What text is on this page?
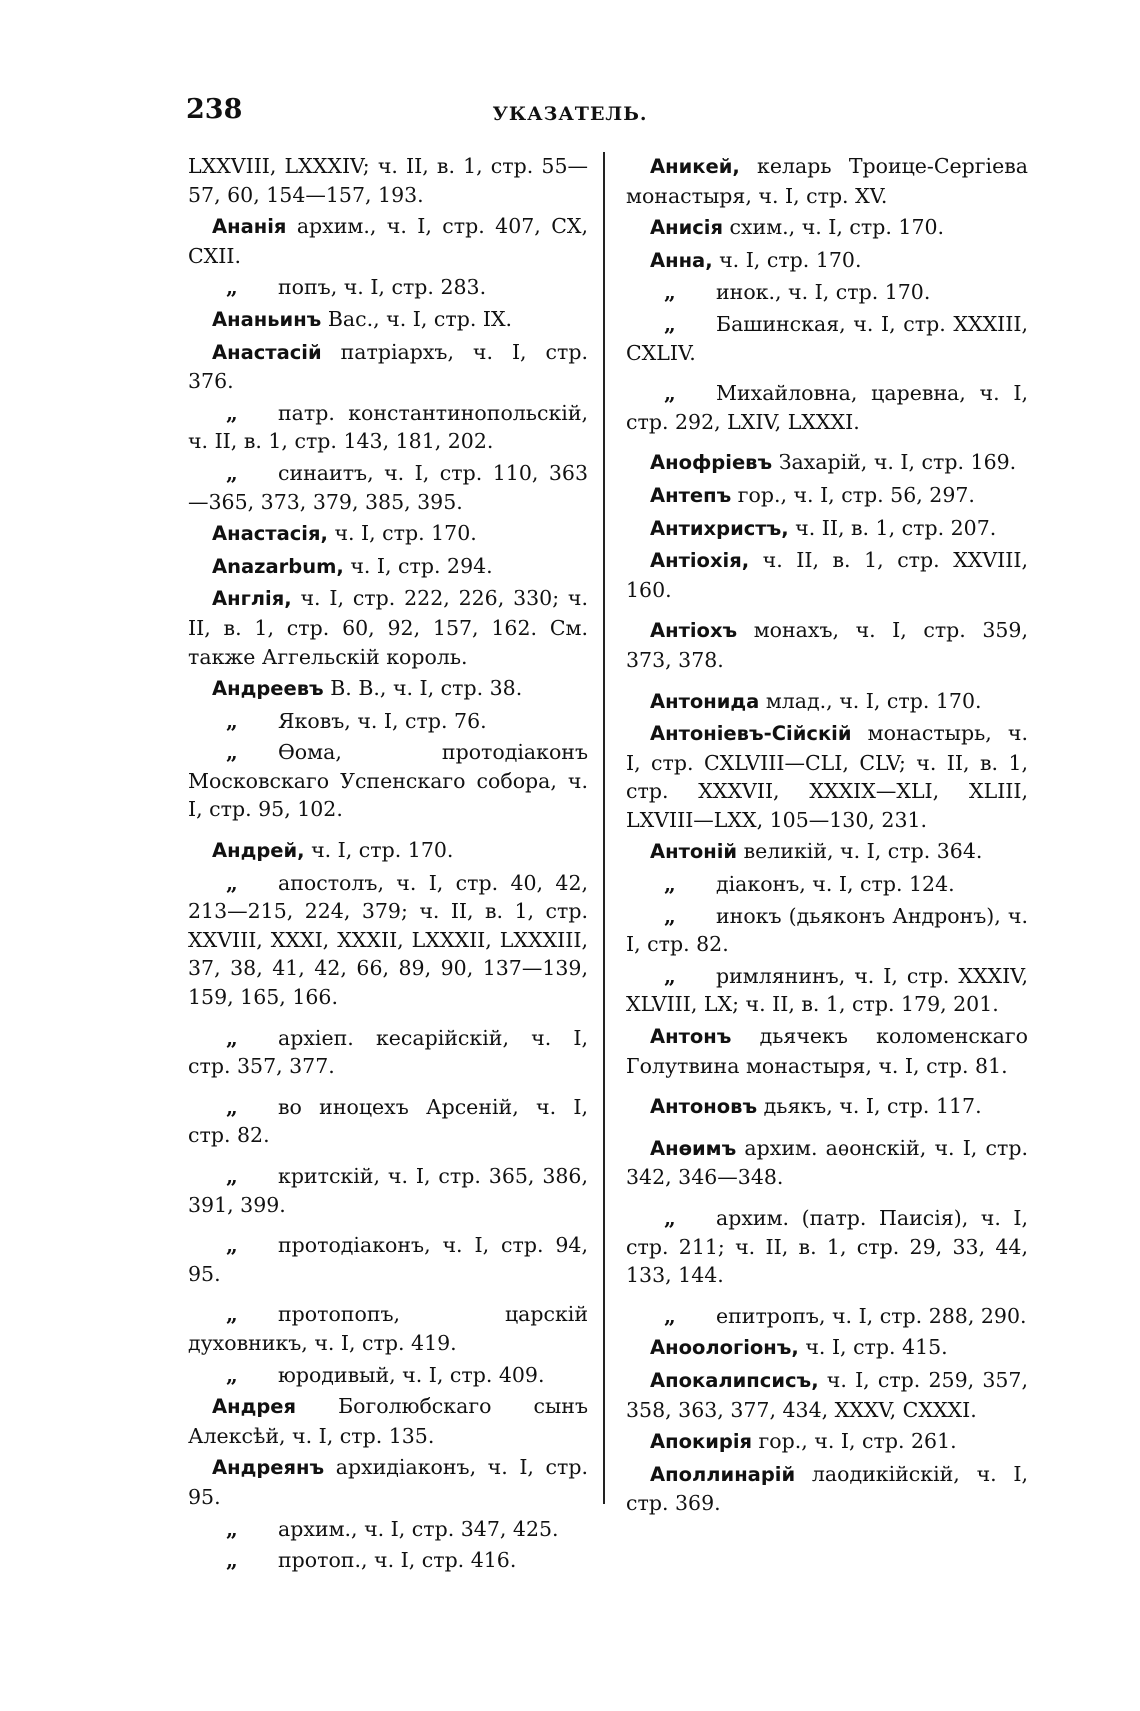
238	УКАЗАТЕЛЬ.
LXXVIII, LXXXIV; ч. II, в. 1, стр. 55—57, 60, 154—157, 193.
Ананія архим., ч. I, стр. 407, CX, CXII.
„ попъ, ч. I, стр. 283.
Ананьинъ Вас., ч. I, стр. IX.
Анастасій патріархъ, ч. I, стр. 376.
„ патр. константинопольскій, ч. II, в. 1, стр. 143, 181, 202.
„ синаитъ, ч. I, стр. 110, 363—365, 373, 379, 385, 395.
Анастасія, ч. I, стр. 170.
Anazarbum, ч. I, стр. 294.
Англія, ч. I, стр. 222, 226, 330; ч. II, в. 1, стр. 60, 92, 157, 162. См. также Аггельскій король.
Андреевъ В. В., ч. I, стр. 38.
„ Яковъ, ч. I, стр. 76.
„ Ѳома, протодіаконъ Московскаго Успенскаго собора, ч. I, стр. 95, 102.
Андрей, ч. I, стр. 170.
„ апостолъ, ч. I, стр. 40, 42, 213—215, 224, 379; ч. II, в. 1, стр. XXVIII, XXXI, XXXII, LXXXII, LXXXIII, 37, 38, 41, 42, 66, 89, 90, 137—139, 159, 165, 166.
„ архіеп. кесарійскій, ч. I, стр. 357, 377.
„ во иноцехъ Арсеній, ч. I, стр. 82.
„ критскій, ч. I, стр. 365, 386, 391, 399.
„ протодіаконъ, ч. I, стр. 94, 95.
„ протопопъ, царскій духовникъ, ч. I, стр. 419.
„ юродивый, ч. I, стр. 409.
Андрея Боголюбскаго сынъ Алексѣй, ч. I, стр. 135.
Андреянъ архидіаконъ, ч. I, стр. 95.
„ архим., ч. I, стр. 347, 425.
„ протоп., ч. I, стр. 416.
Аникей, келарь Троице-Сергіева монастыря, ч. I, стр. XV.
Анисія схим., ч. I, стр. 170.
Анна, ч. I, стр. 170.
„ инок., ч. I, стр. 170.
„ Башинская, ч. I, стр. XXXIII, CXLIV.
„ Михайловна, царевна, ч. I, стр. 292, LXIV, LXXXI.
Анофріевъ Захарій, ч. I, стр. 169.
Антепъ гор., ч. I, стр. 56, 297.
Антихристъ, ч. II, в. 1, стр. 207.
Антіохія, ч. II, в. 1, стр. XXVIII, 160.
Антіохъ монахъ, ч. I, стр. 359, 373, 378.
Антонида млад., ч. I, стр. 170.
Антоніевъ-Сійскій монастырь, ч. I, стр. CXLVIII—CLI, CLV; ч. II, в. 1, стр. XXXVII, XXXIX—XLI, XLIII, LXVIII—LXX, 105—130, 231.
Антоній великій, ч. I, стр. 364.
„ діаконъ, ч. I, стр. 124.
„ инокъ (дьяконъ Андронъ), ч. I, стр. 82.
„ римлянинъ, ч. I, стр. XXXIV, XLVIII, LX; ч. II, в. 1, стр. 179, 201.
Антонъ дьячекъ коломенскаго Голутвина монастыря, ч. I, стр. 81.
Антоновъ дьякъ, ч. I, стр. 117.
Анѳимъ архим. аѳонскій, ч. I, стр. 342, 346—348.
„ архим. (патр. Паисія), ч. I, стр. 211; ч. II, в. 1, стр. 29, 33, 44, 133, 144.
„ епитропъ, ч. I, стр. 288, 290.
Аноологіонъ, ч. I, стр. 415.
Апокалипсисъ, ч. I, стр. 259, 357, 358, 363, 377, 434, XXXV, CXXXI.
Апокирія гор., ч. I, стр. 261.
Аполлинарій лаодикійскій, ч. I, стр. 369.
